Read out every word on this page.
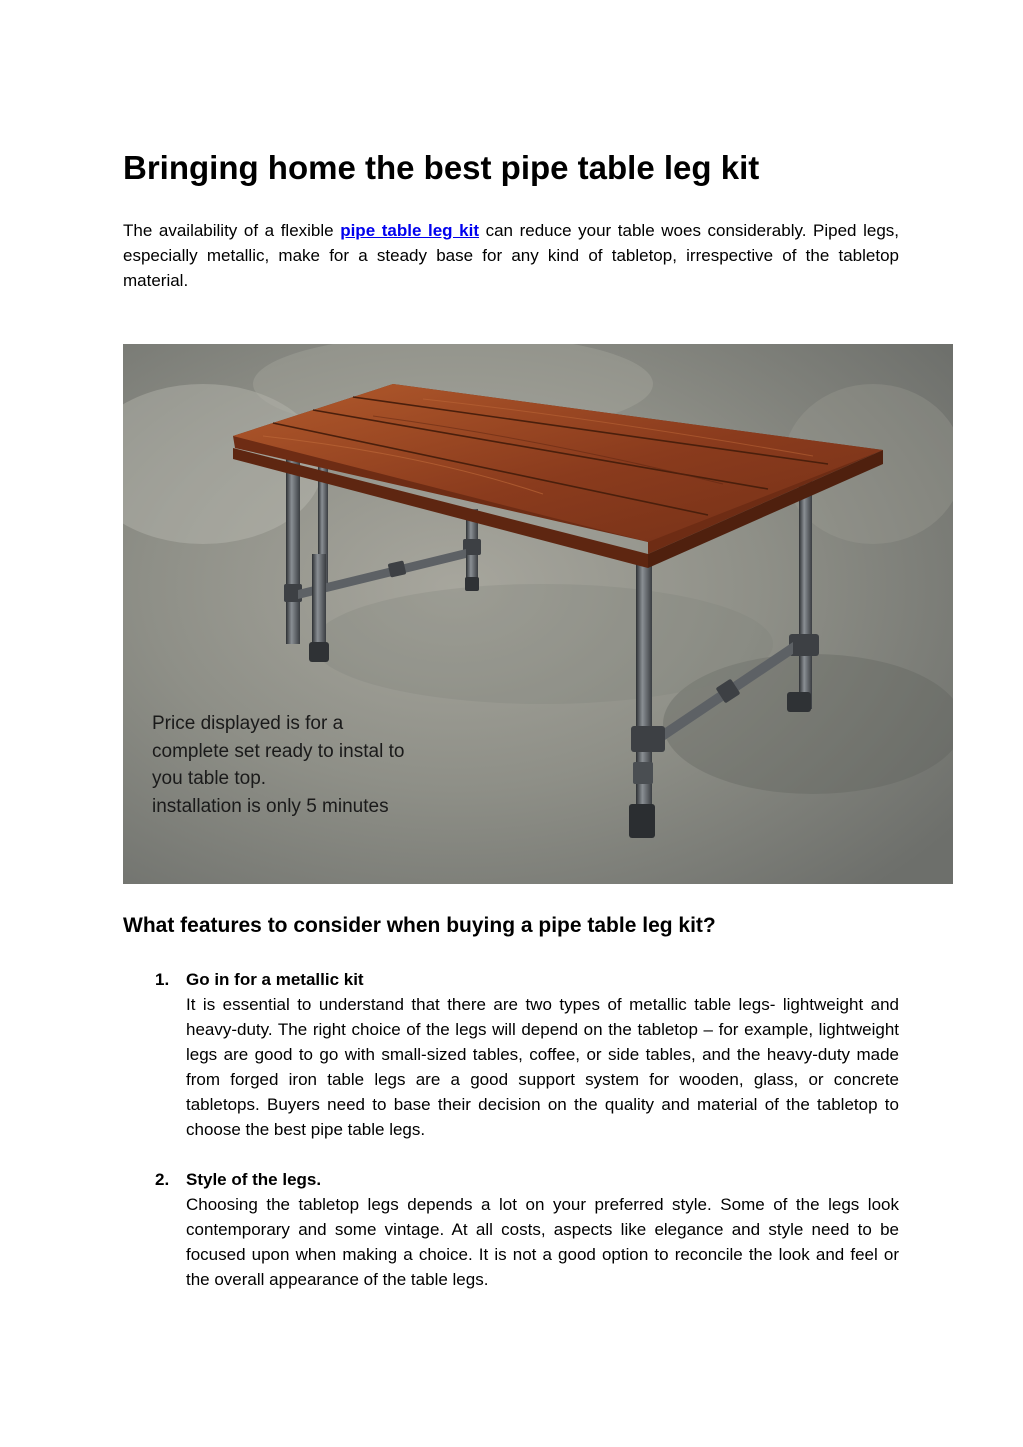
Bringing home the best pipe table leg kit

The availability of a flexible pipe table leg kit can reduce your table woes considerably. Piped legs, especially metallic, make for a steady base for any kind of tabletop, irrespective of the tabletop material.

Price displayed is for a
complete set ready to instal to
you table top.
installation is only 5 minutes

What features to consider when buying a pipe table leg kit?
1. Go in for a metallic kit
It is essential to understand that there are two types of metallic table legs- lightweight and heavy-duty. The right choice of the legs will depend on the tabletop – for example, lightweight legs are good to go with small-sized tables, coffee, or side tables, and the heavy-duty made from forged iron table legs are a good support system for wooden, glass, or concrete tabletops. Buyers need to base their decision on the quality and material of the tabletop to choose the best pipe table legs.
2. Style of the legs.
Choosing the tabletop legs depends a lot on your preferred style. Some of the legs look contemporary and some vintage. At all costs, aspects like elegance and style need to be focused upon when making a choice. It is not a good option to reconcile the look and feel or the overall appearance of the table legs.
